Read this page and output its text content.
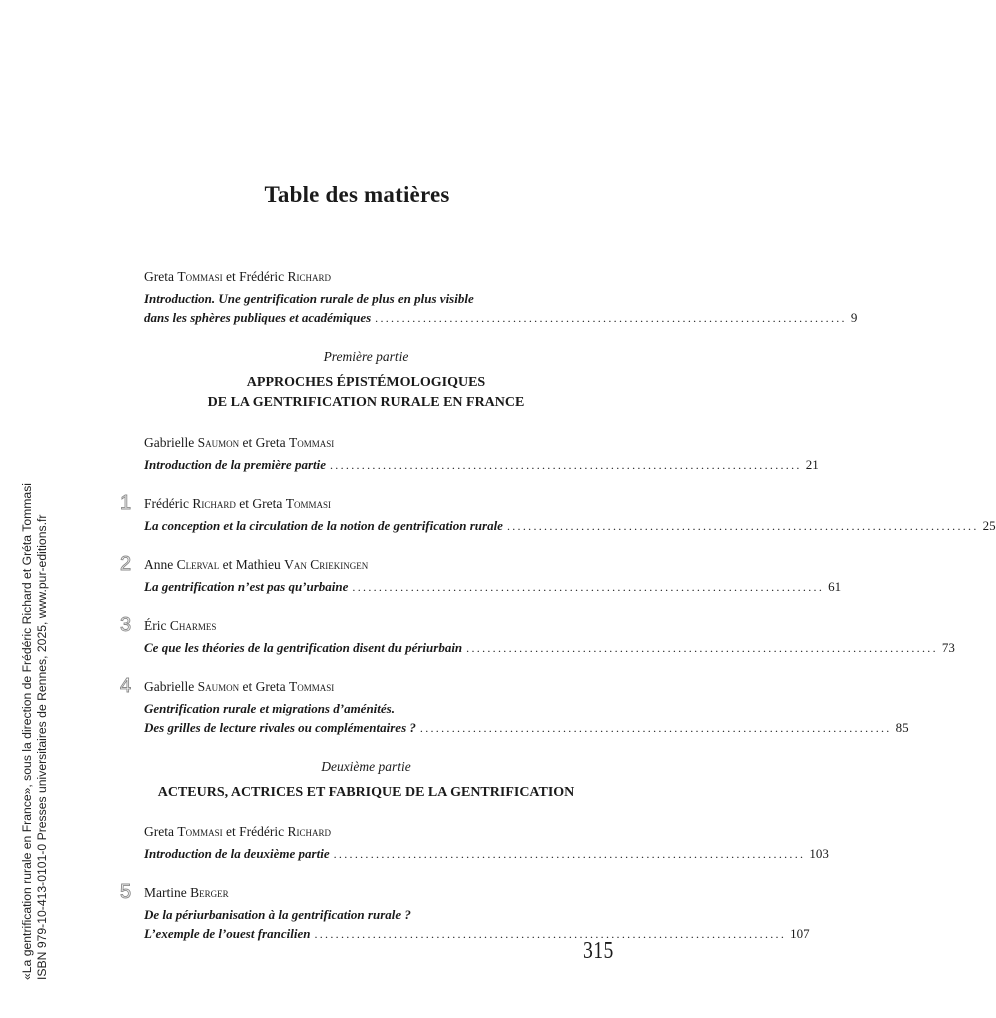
«La gentrification rurale en France», sous la direction de Frédéric Richard et Gréta Tommasi ISBN 979-10-413-0101-0 Presses universitaires de Rennes, 2025, www.pur-editions.fr
Table des matières
Greta Tommasi et Frédéric Richard
Introduction. Une gentrification rurale de plus en plus visible
dans les sphères publiques et académiques ......................................................................................... 9
Première partie
APPROCHES ÉPISTÉMOLOGIQUES
DE LA GENTRIFICATION RURALE EN FRANCE
Gabrielle Saumon et Greta Tommasi
Introduction de la première partie ......................................................................................... 21
1 Frédéric Richard et Greta Tommasi
La conception et la circulation de la notion de gentrification rurale ......................................................................................... 25
2 Anne Clerval et Mathieu Van Criekingen
La gentrification n’est pas qu’urbaine ......................................................................................... 61
3 Éric Charmes
Ce que les théories de la gentrification disent du périurbain ......................................................................................... 73
4 Gabrielle Saumon et Greta Tommasi
Gentrification rurale et migrations d’aménités.
Des grilles de lecture rivales ou complémentaires ? ......................................................................................... 85
Deuxième partie
ACTEURS, ACTRICES ET FABRIQUE DE LA GENTRIFICATION
Greta Tommasi et Frédéric Richard
Introduction de la deuxième partie ......................................................................................... 103
5 Martine Berger
De la périurbanisation à la gentrification rurale ?
L’exemple de l’ouest francilien ......................................................................................... 107
315
